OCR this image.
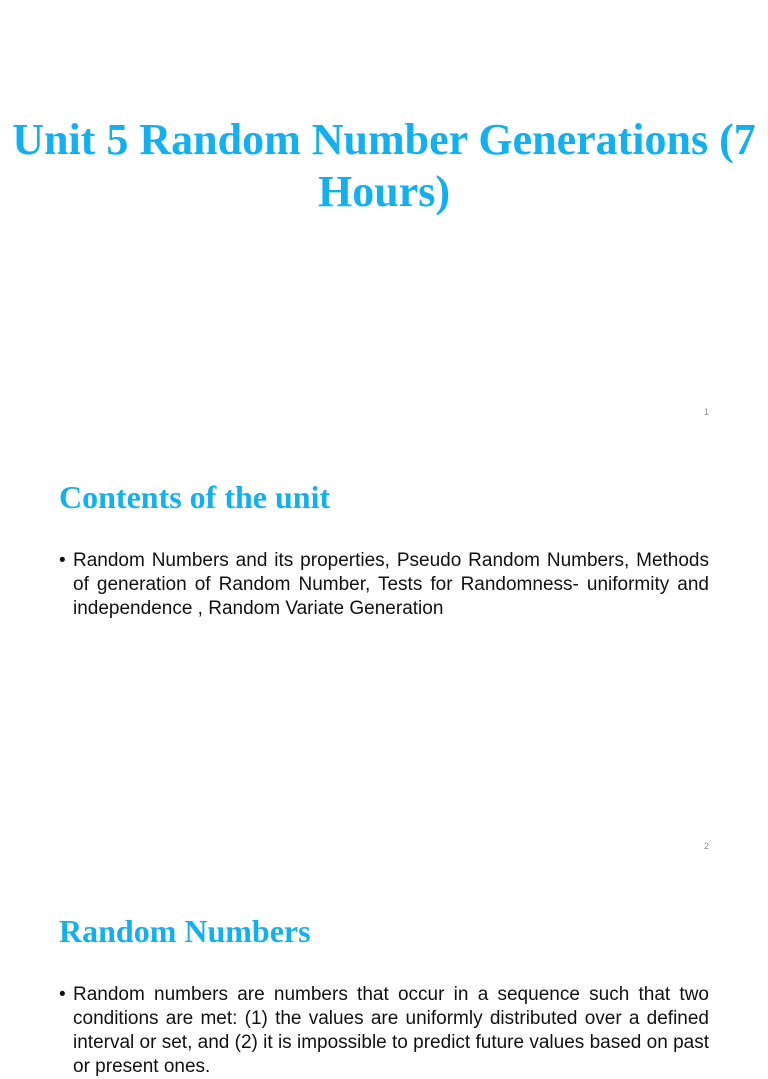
Unit 5 Random Number Generations (7 Hours)
1
Contents of the unit
• Random Numbers and its properties, Pseudo Random Numbers, Methods of generation of Random Number, Tests for Randomness- uniformity and independence , Random Variate Generation
2
Random Numbers
• Random numbers are numbers that occur in a sequence such that two conditions are met: (1) the values are uniformly distributed over a defined interval or set, and (2) it is impossible to predict future values based on past or present ones.
